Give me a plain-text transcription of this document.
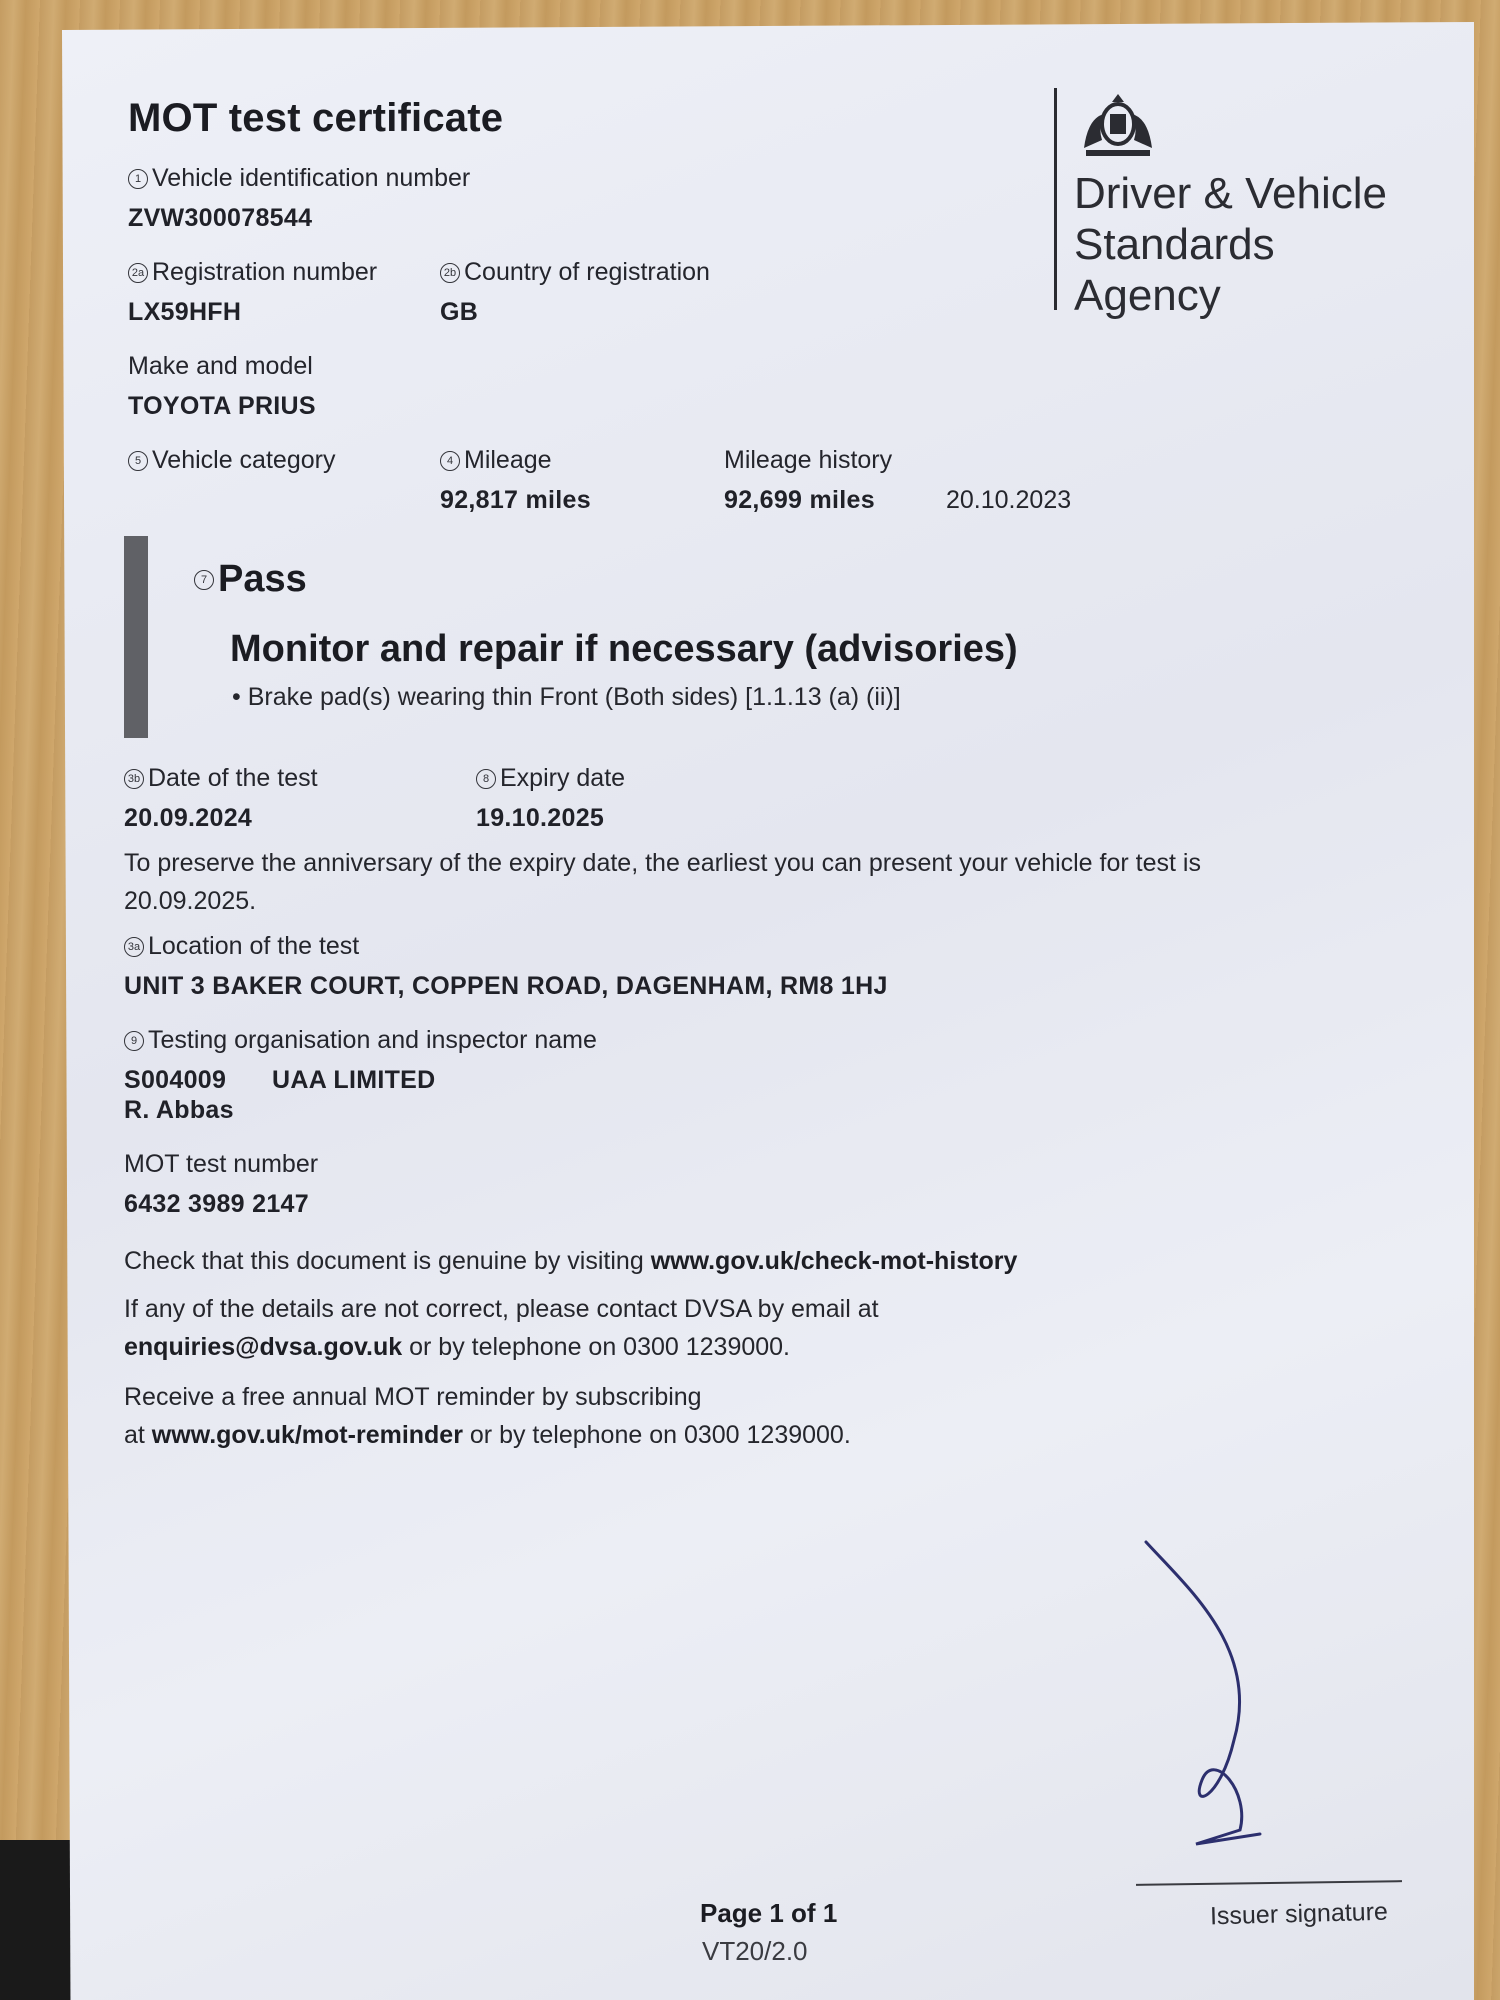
MOT test certificate
1 Vehicle identification number
ZVW300078544
2a Registration number
LX59HFH
2b Country of registration
GB
Make and model
TOYOTA PRIUS
5 Vehicle category	4 Mileage
92,817 miles
Mileage history
92,699 miles	20.10.2023
Driver & Vehicle
Standards
Agency
7 Pass
Monitor and repair if necessary (advisories)
• Brake pad(s) wearing thin Front (Both sides) [1.1.13 (a) (ii)]
3b Date of the test
20.09.2024
8 Expiry date
19.10.2025
To preserve the anniversary of the expiry date, the earliest you can present your vehicle for test is
20.09.2025.
3a Location of the test
UNIT 3 BAKER COURT, COPPEN ROAD, DAGENHAM, RM8 1HJ
9 Testing organisation and inspector name
S004009 UAA LIMITED
R. Abbas
MOT test number
6432 3989 2147
Check that this document is genuine by visiting www.gov.uk/check-mot-history
If any of the details are not correct, please contact DVSA by email at
enquiries@dvsa.gov.uk or by telephone on 0300 1239000.
Receive a free annual MOT reminder by subscribing
at www.gov.uk/mot-reminder or by telephone on 0300 1239000.
Issuer signature
Page 1 of 1
VT20/2.0
